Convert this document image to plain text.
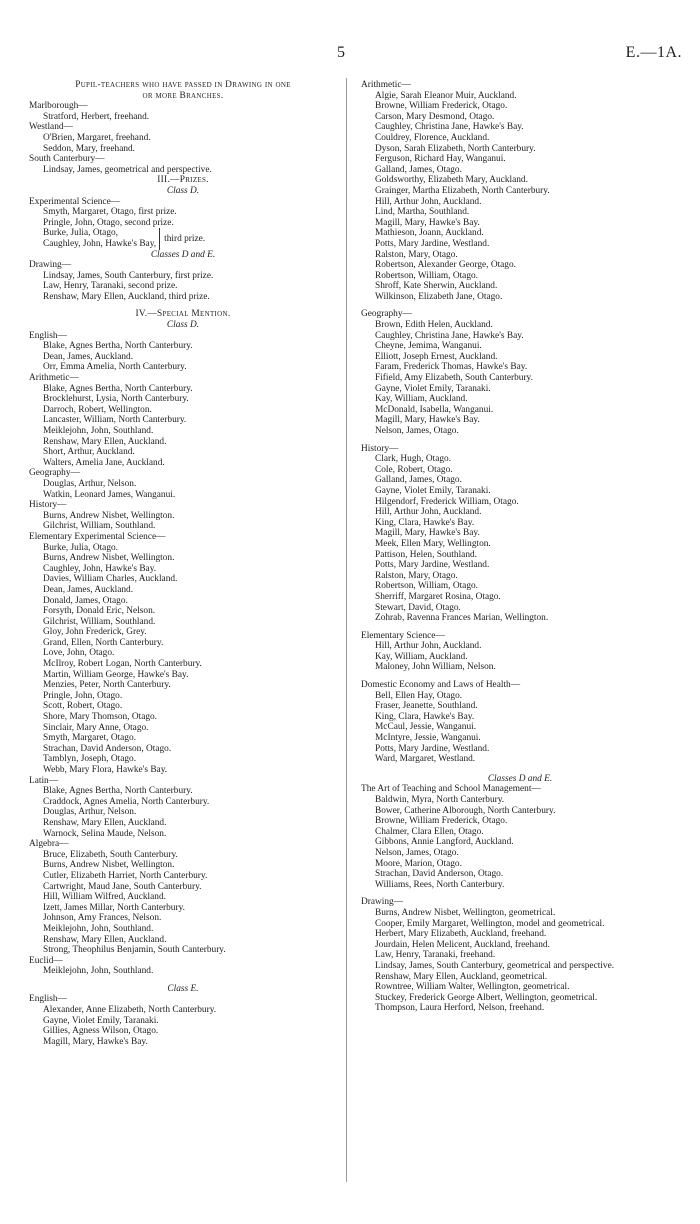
5	E.—1A.
Pupil-teachers who have passed in Drawing in one
or more Branches.
Marlborough—
Stratford, Herbert, freehand.
Westland—
O'Brien, Margaret, freehand.
Seddon, Mary, freehand.
South Canterbury—
Lindsay, James, geometrical and perspective.
III.—Prizes.
Class D.
Experimental Science—
Smyth, Margaret, Otago, first prize.
Pringle, John, Otago, second prize.
Burke, Julia, Otago,
Caughley, John, Hawke's Bay,
third prize.
Classes D and E.
Drawing—
Lindsay, James, South Canterbury, first prize.
Law, Henry, Taranaki, second prize.
Renshaw, Mary Ellen, Auckland, third prize.
IV.—Special Mention.
Class D.
English—
Blake, Agnes Bertha, North Canterbury.
Dean, James, Auckland.
Orr, Emma Amelia, North Canterbury.
Arithmetic—
Blake, Agnes Bertha, North Canterbury.
Brocklehurst, Lysia, North Canterbury.
Darroch, Robert, Wellington.
Lancaster, William, North Canterbury.
Meiklejohn, John, Southland.
Renshaw, Mary Ellen, Auckland.
Short, Arthur, Auckland.
Walters, Amelia Jane, Auckland.
Geography—
Douglas, Arthur, Nelson.
Watkin, Leonard James, Wanganui.
History—
Burns, Andrew Nisbet, Wellington.
Gilchrist, William, Southland.
Elementary Experimental Science—
Burke, Julia, Otago.
Burns, Andrew Nisbet, Wellington.
Caughley, John, Hawke's Bay.
Davies, William Charles, Auckland.
Dean, James, Auckland.
Donald, James, Otago.
Forsyth, Donald Eric, Nelson.
Gilchrist, William, Southland.
Gloy, John Frederick, Grey.
Grand, Ellen, North Canterbury.
Love, John, Otago.
McIlroy, Robert Logan, North Canterbury.
Martin, William George, Hawke's Bay.
Menzies, Peter, North Canterbury.
Pringle, John, Otago.
Scott, Robert, Otago.
Shore, Mary Thomson, Otago.
Sinclair, Mary Anne, Otago.
Smyth, Margaret, Otago.
Strachan, David Anderson, Otago.
Tamblyn, Joseph, Otago.
Webb, Mary Flora, Hawke's Bay.
Latin—
Blake, Agnes Bertha, North Canterbury.
Craddock, Agnes Amelia, North Canterbury.
Douglas, Arthur, Nelson.
Renshaw, Mary Ellen, Auckland.
Warnock, Selina Maude, Nelson.
Algebra—
Bruce, Elizabeth, South Canterbury.
Burns, Andrew Nisbet, Wellington.
Cutler, Elizabeth Harriet, North Canterbury.
Cartwright, Maud Jane, South Canterbury.
Hill, William Wilfred, Auckland.
Izett, James Millar, North Canterbury.
Johnson, Amy Frances, Nelson.
Meiklejohn, John, Southland.
Renshaw, Mary Ellen, Auckland.
Strong, Theophilus Benjamin, South Canterbury.
Euclid—
Meiklejohn, John, Southland.
Class E.
English—
Alexander, Anne Elizabeth, North Canterbury.
Gayne, Violet Emily, Taranaki.
Gillies, Agness Wilson, Otago.
Magill, Mary, Hawke's Bay.
Arithmetic—
Algie, Sarah Eleanor Muir, Auckland.
Browne, William Frederick, Otago.
Carson, Mary Desmond, Otago.
Caughley, Christina Jane, Hawke's Bay.
Couldrey, Florence, Auckland.
Dyson, Sarah Elizabeth, North Canterbury.
Ferguson, Richard Hay, Wanganui.
Galland, James, Otago.
Goldsworthy, Elizabeth Mary, Auckland.
Grainger, Martha Elizabeth, North Canterbury.
Hill, Arthur John, Auckland.
Lind, Martha, Southland.
Magill, Mary, Hawke's Bay.
Mathieson, Joann, Auckland.
Potts, Mary Jardine, Westland.
Ralston, Mary, Otago.
Robertson, Alexander George, Otago.
Robertson, William, Otago.
Shroff, Kate Sherwin, Auckland.
Wilkinson, Elizabeth Jane, Otago.
Geography—
Brown, Edith Helen, Auckland.
Caughley, Christina Jane, Hawke's Bay.
Cheyne, Jemima, Wanganui.
Elliott, Joseph Ernest, Auckland.
Faram, Frederick Thomas, Hawke's Bay.
Fifield, Amy Elizabeth, South Canterbury.
Gayne, Violet Emily, Taranaki.
Kay, William, Auckland.
McDonald, Isabella, Wanganui.
Magill, Mary, Hawke's Bay.
Nelson, James, Otago.
History—
Clark, Hugh, Otago.
Cole, Robert, Otago.
Galland, James, Otago.
Gayne, Violet Emily, Taranaki.
Hilgendorf, Frederick William, Otago.
Hill, Arthur John, Auckland.
King, Clara, Hawke's Bay.
Magill, Mary, Hawke's Bay.
Meek, Ellen Mary, Wellington.
Pattison, Helen, Southland.
Potts, Mary Jardine, Westland.
Ralston, Mary, Otago.
Robertson, William, Otago.
Sherriff, Margaret Rosina, Otago.
Stewart, David, Otago.
Zohrab, Ravenna Frances Marian, Wellington.
Elementary Science—
Hill, Arthur John, Auckland.
Kay, William, Auckland.
Maloney, John William, Nelson.
Domestic Economy and Laws of Health—
Bell, Ellen Hay, Otago.
Fraser, Jeanette, Southland.
King, Clara, Hawke's Bay.
McCaul, Jessie, Wanganui.
McIntyre, Jessie, Wanganui.
Potts, Mary Jardine, Westland.
Ward, Margaret, Westland.
Classes D and E.
The Art of Teaching and School Management—
Baldwin, Myra, North Canterbury.
Bower, Catherine Alborough, North Canterbury.
Browne, William Frederick, Otago.
Chalmer, Clara Ellen, Otago.
Gibbons, Annie Langford, Auckland.
Nelson, James, Otago.
Moore, Marion, Otago.
Strachan, David Anderson, Otago.
Williams, Rees, North Canterbury.
Drawing—
Burns, Andrew Nisbet, Wellington, geometrical.
Cooper, Emily Margaret, Wellington, model and geometrical.
Herbert, Mary Elizabeth, Auckland, freehand.
Jourdain, Helen Melicent, Auckland, freehand.
Law, Henry, Taranaki, freehand.
Lindsay, James, South Canterbury, geometrical and perspective.
Renshaw, Mary Ellen, Auckland, geometrical.
Rowntree, William Walter, Wellington, geometrical.
Stuckey, Frederick George Albert, Wellington, geometrical.
Thompson, Laura Herford, Nelson, freehand.
